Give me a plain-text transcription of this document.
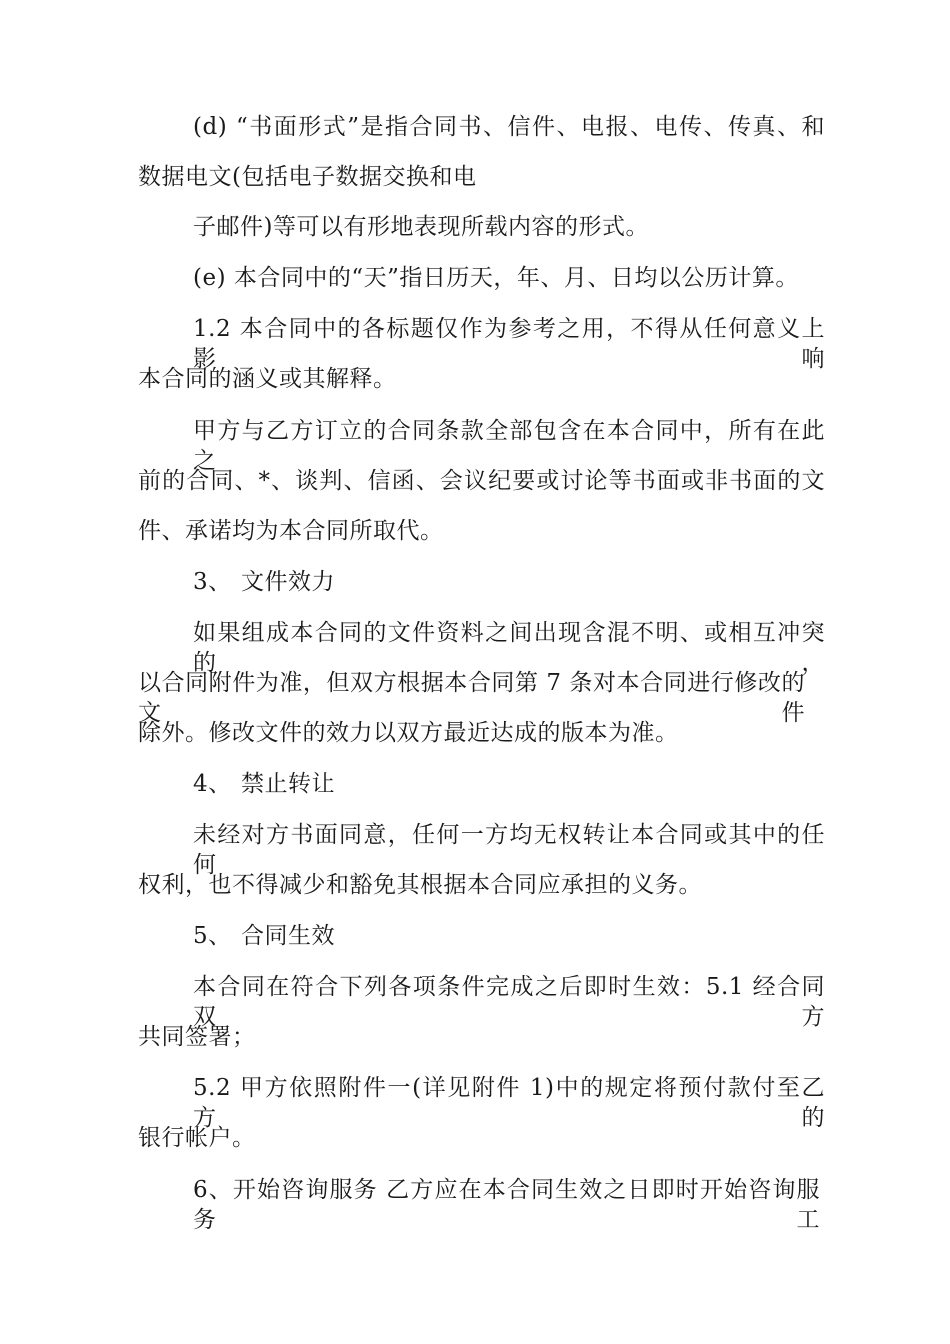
(d) “书面形式”是指合同书、信件、电报、电传、传真、和
数据电文(包括电子数据交换和电
子邮件)等可以有形地表现所载内容的形式。
(e) 本合同中的“天”指日历天，年、月、日均以公历计算。
1.2 本合同中的各标题仅作为参考之用，不得从任何意义上影 响
本合同的涵义或其解释。
甲方与乙方订立的合同条款全部包含在本合同中，所有在此之
前的合同、*、谈判、信函、会议纪要或讨论等书面或非书面的文
件、承诺均为本合同所取代。
3、 文件效力
如果组成本合同的文件资料之间出现含混不明、或相互冲突的，
以合同附件为准，但双方根据本合同第 7 条对本合同进行修改的文件
除外。修改文件的效力以双方最近达成的版本为准。
4、 禁止转让
未经对方书面同意，任何一方均无权转让本合同或其中的任何
权利，也不得减少和豁免其根据本合同应承担的义务。
5、 合同生效
本合同在符合下列各项条件完成之后即时生效：5.1 经合同双 方
共同签署；
5.2 甲方依照附件一(详见附件 1)中的规定将预付款付至乙 方的
银行帐户。
6、开始咨询服务 乙方应在本合同生效之日即时开始咨询服务工
